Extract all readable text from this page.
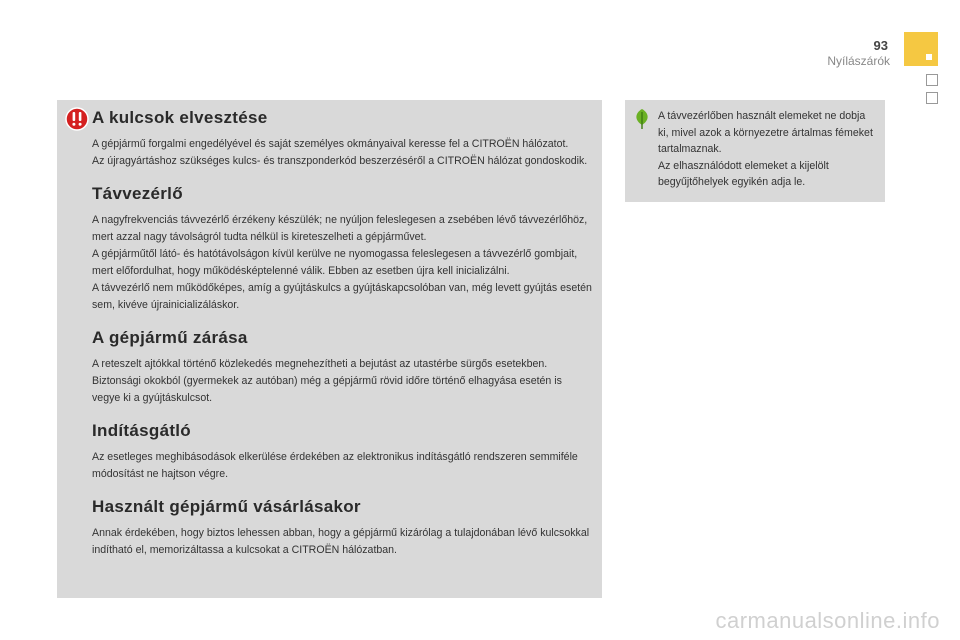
93
Nyílászárók
A kulcsok elvesztése

A gépjármű forgalmi engedélyével és saját személyes okmányaival keresse fel a CITROËN hálózatot.

Az újragyártáshoz szükséges kulcs- és transzponderkód beszerzéséről a CITROËN hálózat gondoskodik.

Távvezérlő

A nagyfrekvenciás távvezérlő érzékeny készülék; ne nyúljon feleslegesen a zsebében lévő távvezérlőhöz, mert azzal nagy távolságról tudta nélkül is kireteszelheti a gépjárművet.

A gépjárműtől látó- és hatótávolságon kívül kerülve ne nyomogassa feleslegesen a távvezérlő gombjait, mert előfordulhat, hogy működésképtelenné válik. Ebben az esetben újra kell inicializálni.

A távvezérlő nem működőképes, amíg a gyújtáskulcs a gyújtáskapcsolóban van, még levett gyújtás esetén sem, kivéve újrainicializáláskor.

A gépjármű zárása

A reteszelt ajtókkal történő közlekedés megnehezítheti a bejutást az utastérbe sürgős esetekben.

Biztonsági okokból (gyermekek az autóban) még a gépjármű rövid időre történő elhagyása esetén is vegye ki a gyújtáskulcsot.

Indításgátló

Az esetleges meghibásodások elkerülése érdekében az elektronikus indításgátló rendszeren semmiféle módosítást ne hajtson végre.

Használt gépjármű vásárlásakor

Annak érdekében, hogy biztos lehessen abban, hogy a gépjármű kizárólag a tulajdonában lévő kulcsokkal indítható el, memorizáltassa a kulcsokat a CITROËN hálózatban.

A távvezérlőben használt elemeket ne dobja ki, mivel azok a környezetre ártalmas fémeket tartalmaznak.

Az elhasználódott elemeket a kijelölt begyűjtőhelyek egyikén adja le.

carmanualsonline.info
